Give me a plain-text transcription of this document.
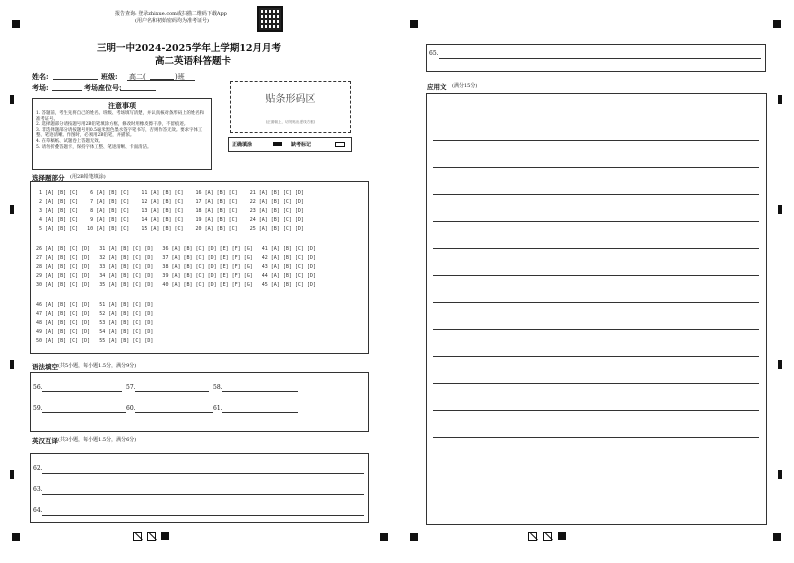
报告查询: 登录zhixue.com或扫描二维码下载App
(用户名和初始密码均为准考证号)
三明一中2024-2025学年上学期12月月考
高二英语科答题卡
姓名:	班级: 高二(	)班
考场:	考场座位号:
注意事项
1. 答题前，考生先将自己的姓名、班级、考场填写清楚，并认真核对条形码上的姓名和准考证号。
2. 选择题部分请按题号用2B铅笔填涂方框，修改时用橡皮擦干净，不留痕迹。
3. 非选择题部分请按题号用0.5毫米黑色墨水签字笔书写，否则作答无效。要求字体工整、笔迹清晰。作图时，必须用2B铅笔，并描浓。
4. 在草稿纸、试题卷上答题无效。
5. 请勿折叠答题卡，保持字体工整、笔迹清晰、卡面清洁。
贴条形码区
(正面朝上，切勿贴出虚线方框)
正确填涂	缺考标记
选择题部分 (用2B铅笔填涂)
1 [A] [B] [C]    6 [A] [B] [C]    11 [A] [B] [C]    16 [A] [B] [C]    21 [A] [B] [C] [D]
2 [A] [B] [C]    7 [A] [B] [C]    12 [A] [B] [C]    17 [A] [B] [C]    22 [A] [B] [C] [D]
3 [A] [B] [C]    8 [A] [B] [C]    13 [A] [B] [C]    18 [A] [B] [C]    23 [A] [B] [C] [D]
4 [A] [B] [C]    9 [A] [B] [C]    14 [A] [B] [C]    19 [A] [B] [C]    24 [A] [B] [C] [D]
5 [A] [B] [C]   10 [A] [B] [C]    15 [A] [B] [C]    20 [A] [B] [C]    25 [A] [B] [C] [D]
26 [A] [B] [C] [D]   31 [A] [B] [C] [D]   36 [A] [B] [C] [D] [E] [F] [G]   41 [A] [B] [C] [D]
27 [A] [B] [C] [D]   32 [A] [B] [C] [D]   37 [A] [B] [C] [D] [E] [F] [G]   42 [A] [B] [C] [D]
28 [A] [B] [C] [D]   33 [A] [B] [C] [D]   38 [A] [B] [C] [D] [E] [F] [G]   43 [A] [B] [C] [D]
29 [A] [B] [C] [D]   34 [A] [B] [C] [D]   39 [A] [B] [C] [D] [E] [F] [G]   44 [A] [B] [C] [D]
30 [A] [B] [C] [D]   35 [A] [B] [C] [D]   40 [A] [B] [C] [D] [E] [F] [G]   45 [A] [B] [C] [D]
46 [A] [B] [C] [D]   51 [A] [B] [C] [D]
47 [A] [B] [C] [D]   52 [A] [B] [C] [D]
48 [A] [B] [C] [D]   53 [A] [B] [C] [D]
49 [A] [B] [C] [D]   54 [A] [B] [C] [D]
50 [A] [B] [C] [D]   55 [A] [B] [C] [D]
语法填空 (共5小题，每小题1.5分，满分9分)
56.	57.	58.
59.	60.	61.
英汉互译 (共3小题，每小题1.5分，满分6分)
62.
63.
64.
65.
应用文 (满分15分)
